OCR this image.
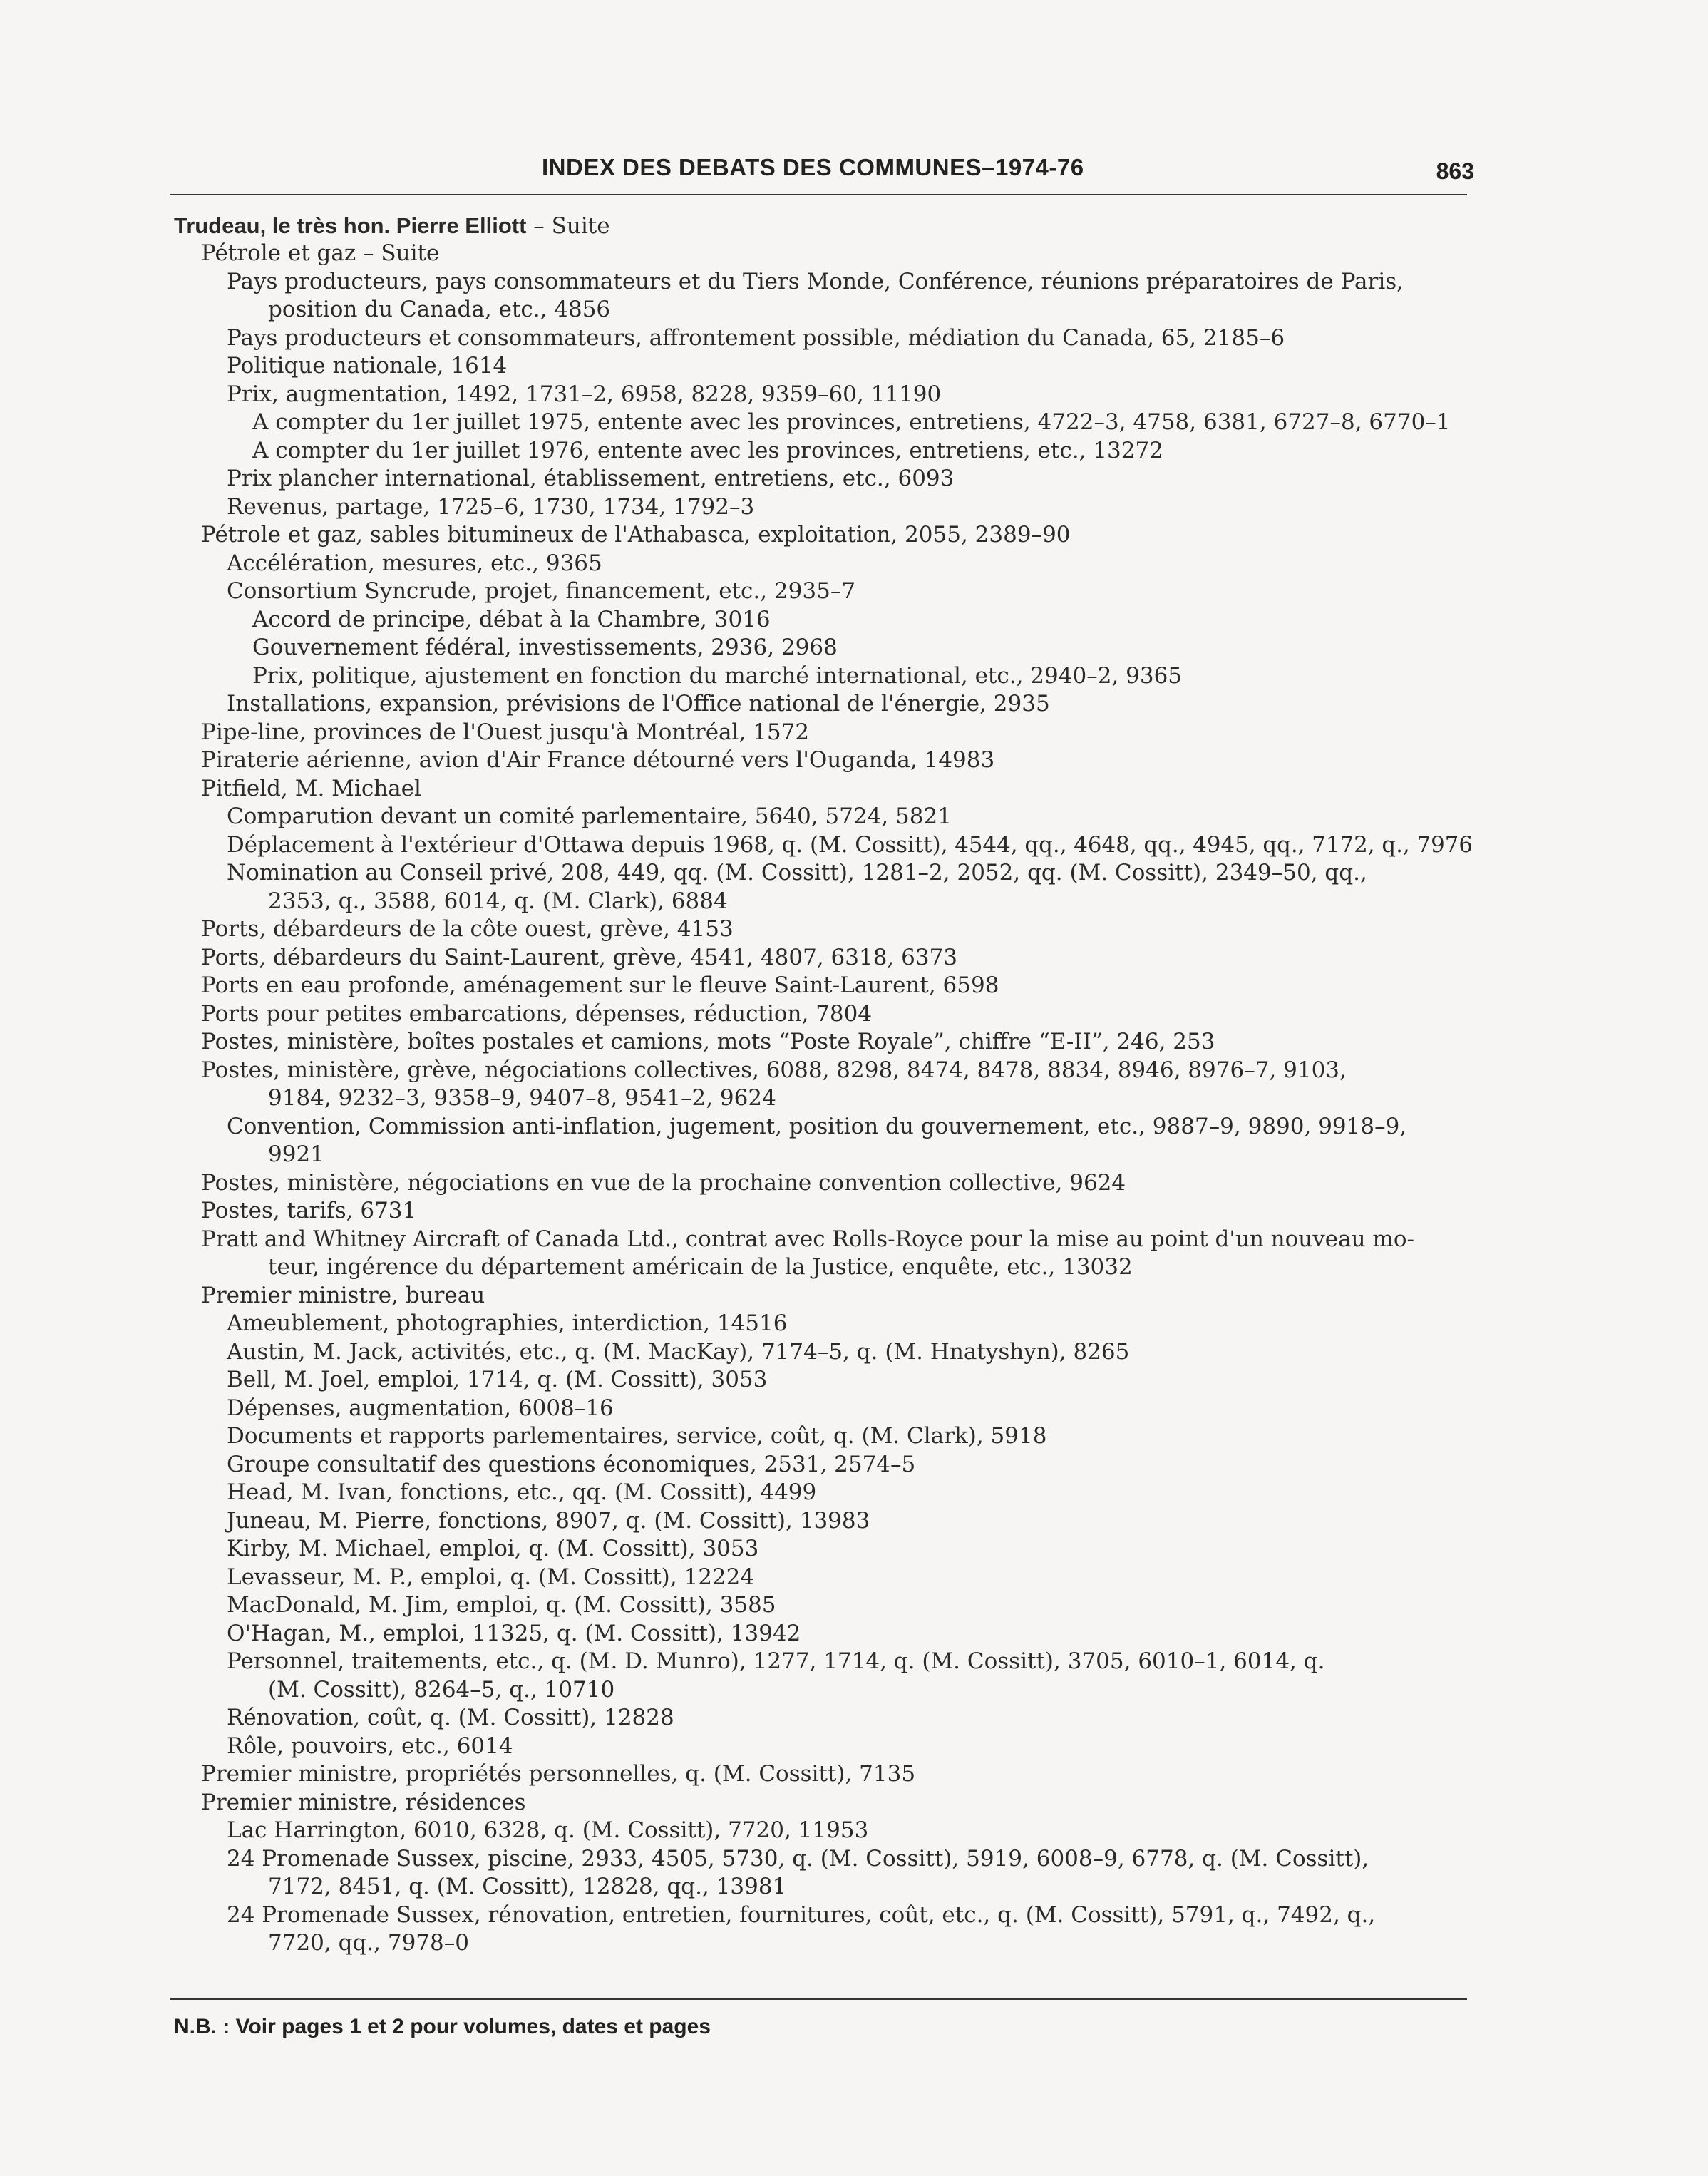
INDEX DES DEBATS DES COMMUNES–1974-76	863
Trudeau, le très hon. Pierre Elliott – Suite
Pétrole et gaz – Suite
Pays producteurs, pays consommateurs et du Tiers Monde, Conférence, réunions préparatoires de Paris,
position du Canada, etc., 4856
Pays producteurs et consommateurs, affrontement possible, médiation du Canada, 65, 2185–6
Politique nationale, 1614
Prix, augmentation, 1492, 1731–2, 6958, 8228, 9359–60, 11190
A compter du 1er juillet 1975, entente avec les provinces, entretiens, 4722–3, 4758, 6381, 6727–8, 6770–1
A compter du 1er juillet 1976, entente avec les provinces, entretiens, etc., 13272
Prix plancher international, établissement, entretiens, etc., 6093
Revenus, partage, 1725–6, 1730, 1734, 1792–3
Pétrole et gaz, sables bitumineux de l'Athabasca, exploitation, 2055, 2389–90
Accélération, mesures, etc., 9365
Consortium Syncrude, projet, financement, etc., 2935–7
Accord de principe, débat à la Chambre, 3016
Gouvernement fédéral, investissements, 2936, 2968
Prix, politique, ajustement en fonction du marché international, etc., 2940–2, 9365
Installations, expansion, prévisions de l'Office national de l'énergie, 2935
Pipe-line, provinces de l'Ouest jusqu'à Montréal, 1572
Piraterie aérienne, avion d'Air France détourné vers l'Ouganda, 14983
Pitfield, M. Michael
Comparution devant un comité parlementaire, 5640, 5724, 5821
Déplacement à l'extérieur d'Ottawa depuis 1968, q. (M. Cossitt), 4544, qq., 4648, qq., 4945, qq., 7172, q., 7976
Nomination au Conseil privé, 208, 449, qq. (M. Cossitt), 1281–2, 2052, qq. (M. Cossitt), 2349–50, qq.,
2353, q., 3588, 6014, q. (M. Clark), 6884
Ports, débardeurs de la côte ouest, grève, 4153
Ports, débardeurs du Saint-Laurent, grève, 4541, 4807, 6318, 6373
Ports en eau profonde, aménagement sur le fleuve Saint-Laurent, 6598
Ports pour petites embarcations, dépenses, réduction, 7804
Postes, ministère, boîtes postales et camions, mots “Poste Royale”, chiffre “E-II”, 246, 253
Postes, ministère, grève, négociations collectives, 6088, 8298, 8474, 8478, 8834, 8946, 8976–7, 9103,
9184, 9232–3, 9358–9, 9407–8, 9541–2, 9624
Convention, Commission anti-inflation, jugement, position du gouvernement, etc., 9887–9, 9890, 9918–9,
9921
Postes, ministère, négociations en vue de la prochaine convention collective, 9624
Postes, tarifs, 6731
Pratt and Whitney Aircraft of Canada Ltd., contrat avec Rolls-Royce pour la mise au point d'un nouveau mo-
teur, ingérence du département américain de la Justice, enquête, etc., 13032
Premier ministre, bureau
Ameublement, photographies, interdiction, 14516
Austin, M. Jack, activités, etc., q. (M. MacKay), 7174–5, q. (M. Hnatyshyn), 8265
Bell, M. Joel, emploi, 1714, q. (M. Cossitt), 3053
Dépenses, augmentation, 6008–16
Documents et rapports parlementaires, service, coût, q. (M. Clark), 5918
Groupe consultatif des questions économiques, 2531, 2574–5
Head, M. Ivan, fonctions, etc., qq. (M. Cossitt), 4499
Juneau, M. Pierre, fonctions, 8907, q. (M. Cossitt), 13983
Kirby, M. Michael, emploi, q. (M. Cossitt), 3053
Levasseur, M. P., emploi, q. (M. Cossitt), 12224
MacDonald, M. Jim, emploi, q. (M. Cossitt), 3585
O'Hagan, M., emploi, 11325, q. (M. Cossitt), 13942
Personnel, traitements, etc., q. (M. D. Munro), 1277, 1714, q. (M. Cossitt), 3705, 6010–1, 6014, q.
(M. Cossitt), 8264–5, q., 10710
Rénovation, coût, q. (M. Cossitt), 12828
Rôle, pouvoirs, etc., 6014
Premier ministre, propriétés personnelles, q. (M. Cossitt), 7135
Premier ministre, résidences
Lac Harrington, 6010, 6328, q. (M. Cossitt), 7720, 11953
24 Promenade Sussex, piscine, 2933, 4505, 5730, q. (M. Cossitt), 5919, 6008–9, 6778, q. (M. Cossitt),
7172, 8451, q. (M. Cossitt), 12828, qq., 13981
24 Promenade Sussex, rénovation, entretien, fournitures, coût, etc., q. (M. Cossitt), 5791, q., 7492, q.,
7720, qq., 7978–0
N.B. : Voir pages 1 et 2 pour volumes, dates et pages
